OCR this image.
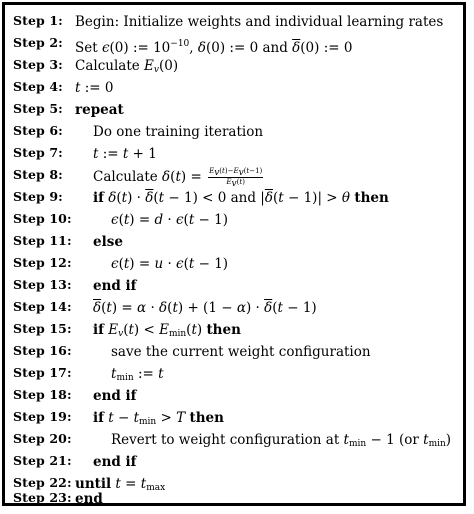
Step 1: Begin: Initialize weights and individual learning rates
Step 2: Set ϵ(0) := $10^{-10}$, δ(0) := 0 and $\overline{\delta}(0)$ := 0
Step 3: Calculate $E_v(0)$
Step 4: t := 0
Step 5: repeat
Step 6: Do one training iteration
Step 7: t := t + 1
Step 8: Calculate $\delta(t) = \frac{E_v(t)-E_v(t-1)}{E_v(t)}$
Step 9: if $\delta(t) \cdot \overline{\delta}(t - 1) < 0$ and $|\overline{\delta}(t - 1)| > \theta$ then
Step 10:	ϵ(t) = d · ϵ(t − 1)
Step 11: else
Step 12:	ϵ(t) = u · ϵ(t − 1)
Step 13: end if
Step 14: $\overline{\delta}(t) = \alpha \cdot \delta(t) + (1 - \alpha) \cdot \overline{\delta}(t - 1)$
Step 15: if $E_v(t) < E_{min}(t)$ then
Step 16:	save the current weight configuration
Step 17:	$t_{min}$ := t
Step 18: end if
Step 19: if $t - t_{min} > T$ then
Step 20:	Revert to weight configuration at $t_{min} - 1$ (or $t_{min}$)
Step 21: end if
Step 22: until $t = t_{max}$
Step 23: end
